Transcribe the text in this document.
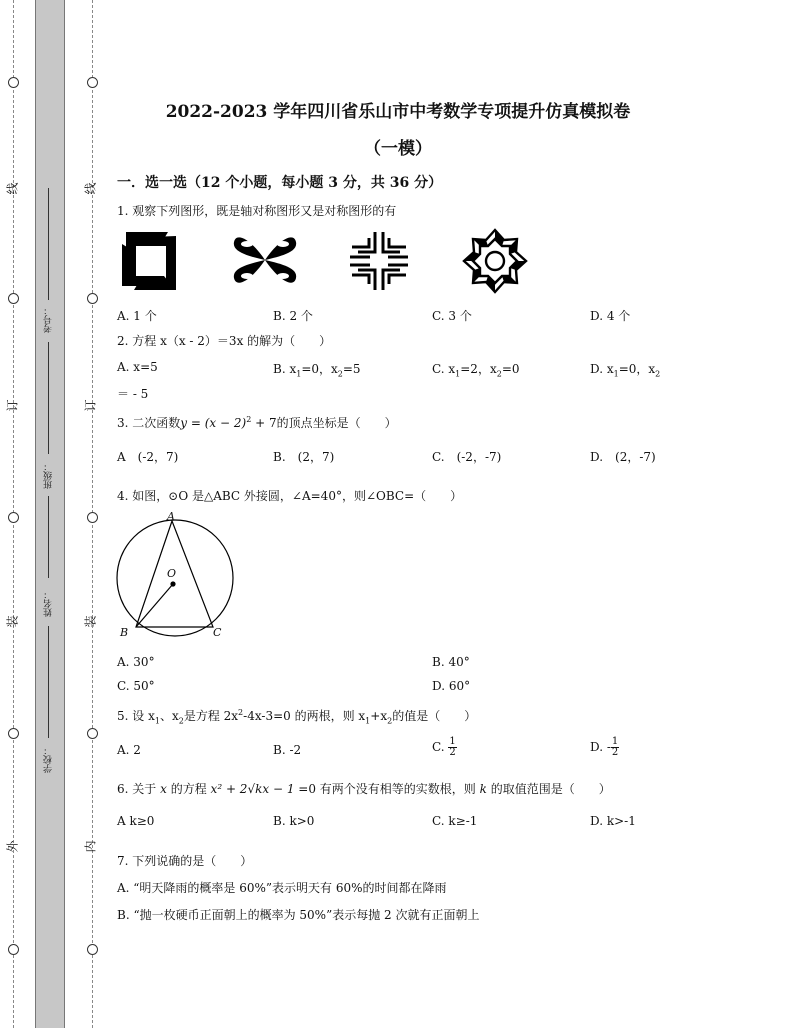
线
订
装
外
线
订
装
内
考号：
班级：
姓名：
学校：
2022-2023 学年四川省乐山市中考数学专项提升仿真模拟卷
（一模）
一．选一选（12 个小题，每小题 3 分，共 36 分）
1. 观察下列图形，既是轴对称图形又是对称图形的有
A. 1 个	B. 2 个	C. 3 个	D. 4 个
2. 方程 x（x - 2）＝3x 的解为（　　）
A. x=5	B. $x_1=0$，$x_2=5$	C. $x_1=2$，$x_2=0$	D. $x_1=0$，$x_2$
＝ - 5
3. 二次函数$y = (x - 2)^2 + 7$的顶点坐标是（　　）
A　(-2，7)	B.　(2，7)	C.　(-2，-7)	D.　(2，-7)
4. 如图，⊙O 是△ABC 外接圆，∠A=40°，则∠OBC=（　　）
A
B	C
O
A. 30°	B. 40°
C. 50°	D. 60°
5. 设 $x_1$、$x_2$是方程 $2x^2-4x-3=0$ 的两根，则 $x_1+x_2$的值是（　　）
A. 2	B. -2	C. $\frac{1}{2}$	D. - $\frac{1}{2}$
6. 关于 x 的方程 x² + 2√kx − 1 =0 有两个没有相等的实数根，则 k 的取值范围是（　　）
A k≥0	B. k>0	C. k≥-1	D. k>-1
7. 下列说确的是（　　）
A. “明天降雨的概率是 60%”表示明天有 60%的时间都在降雨
B. “抛一枚硬币正面朝上的概率为 50%”表示每抛 2 次就有正面朝上
